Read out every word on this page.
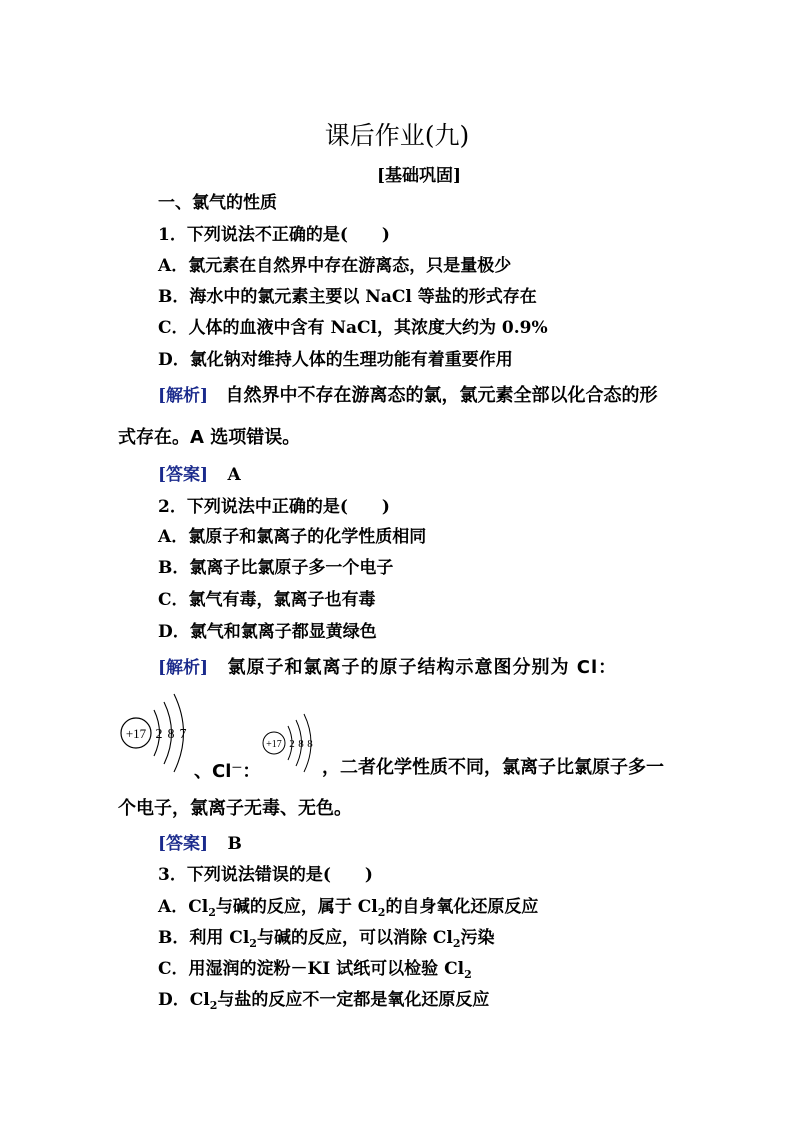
课后作业(九)
[基础巩固]
一、氯气的性质
1．下列说法不正确的是(　　)
A．氯元素在自然界中存在游离态，只是量极少
B．海水中的氯元素主要以 NaCl 等盐的形式存在
C．人体的血液中含有 NaCl，其浓度大约为 0.9%
D．氯化钠对维持人体的生理功能有着重要作用
[解析] 自然界中不存在游离态的氯，氯元素全部以化合态的形
式存在。A 选项错误。
[答案] A
2．下列说法中正确的是(　　)
A．氯原子和氯离子的化学性质相同
B．氯离子比氯原子多一个电子
C．氯气有毒，氯离子也有毒
D．氯气和氯离子都显黄绿色
[解析] 氯原子和氯离子的原子结构示意图分别为 Cl：
+17 2 8 7
、Cl－：
+17 2 8 8
，二者化学性质不同，氯离子比氯原子多一
个电子，氯离子无毒、无色。
[答案] B
3．下列说法错误的是(　　)
A．$Cl_2$与碱的反应，属于 $Cl_2$的自身氧化还原反应
B．利用 $Cl_2$与碱的反应，可以消除 $Cl_2$污染
C．用湿润的淀粉－KI 试纸可以检验 $Cl_2$
D．$Cl_2$与盐的反应不一定都是氧化还原反应
